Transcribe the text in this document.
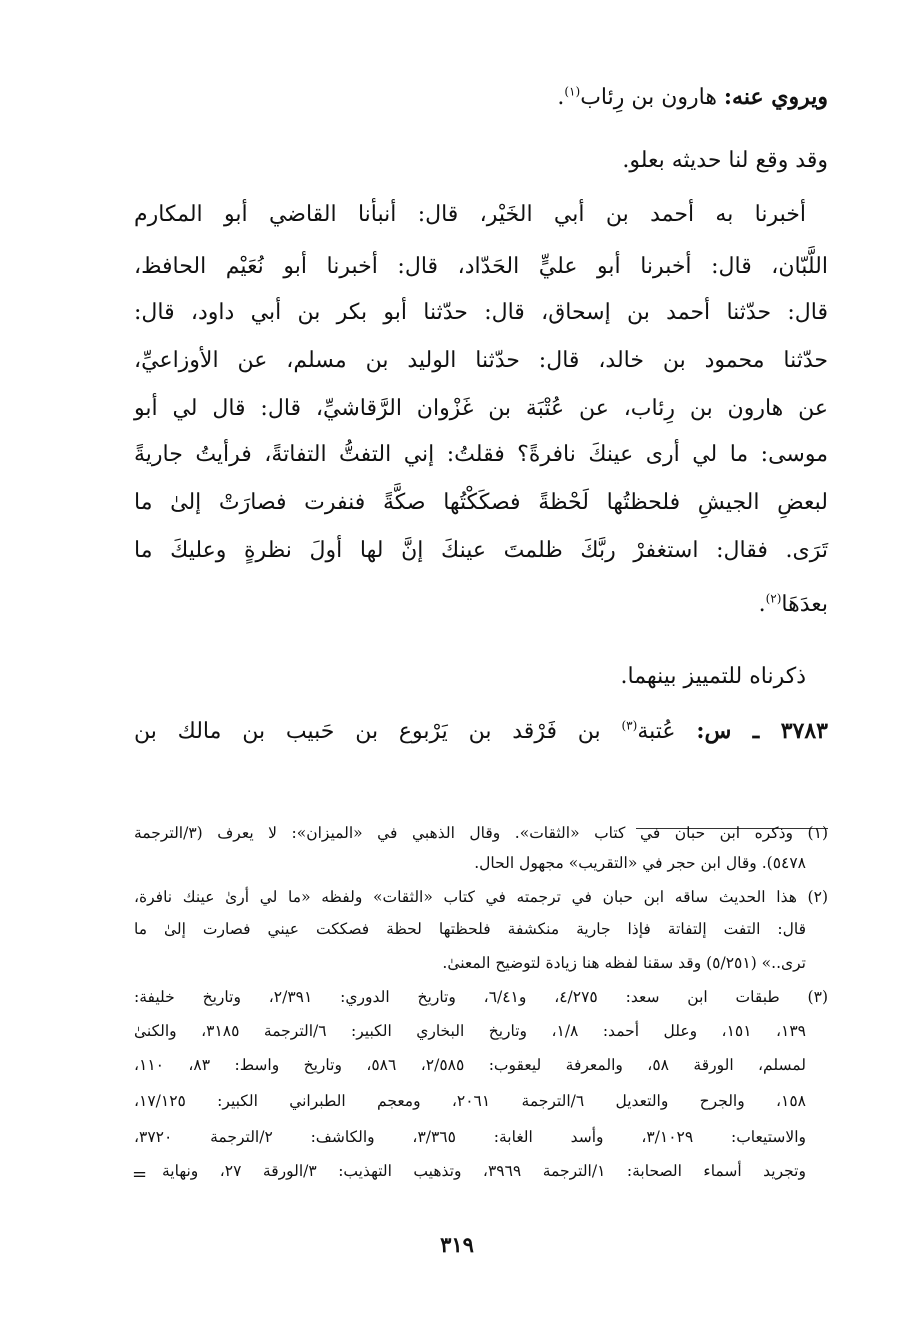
ويروي عنه: هارون بن رِئاب$^{(١)}$.
وقد وقع لنا حديثه بعلو.
أخبرنا به أحمد بن أبي الخَيْر، قال: أنبأنا القاضي أبو المكارم
اللَّبّان، قال: أخبرنا أبو عليٍّ الحَدّاد، قال: أخبرنا أبو نُعَيْم الحافظ،
قال: حدّثنا أحمد بن إسحاق، قال: حدّثنا أبو بكر بن أبي داود، قال:
حدّثنا محمود بن خالد، قال: حدّثنا الوليد بن مسلم، عن الأوزاعيِّ،
عن هارون بن رِئاب، عن عُتْبَة بن غَزْوان الرَّقاشيِّ، قال: قال لي أبو
موسى: ما لي أرى عينكَ نافرةً؟ فقلتُ: إني التفتُّ التفاتةً، فرأيتُ جاريةً
لبعضِ الجيشِ فلحظتُها لَحْظةً فصكَكْتُها صكَّةً فنفرت فصارَتْ إلىٰ ما
تَرَى. فقال: استغفرْ ربَّكَ ظلمتَ عينكَ إنَّ لها أولَ نظرةٍ وعليكَ ما
بعدَهَا$^{(٢)}$.
ذكرناه للتمييز بينهما.
٣٧٨٣ ـ س: عُتبة$^{(٣)}$ بن فَرْقد بن يَرْبوع بن حَبيب بن مالك بن
(١) وذكره ابن حبان في كتاب «الثقات». وقال الذهبي في «الميزان»: لا يعرف (٣/الترجمة
٥٤٧٨). وقال ابن حجر في «التقريب» مجهول الحال.
(٢) هذا الحديث ساقه ابن حبان في ترجمته في كتاب «الثقات» ولفظه «ما لي أرىٰ عينك نافرة،
قال: التفت إلتفاتة فإذا جارية منكشفة فلحظتها لحظة فصككت عيني فصارت إلىٰ ما
ترى..» (٥/٢٥١) وقد سقنا لفظه هنا زيادة لتوضيح المعنىٰ.
(٣) طبقات ابن سعد: ٤/٢٧٥، و٦/٤١، وتاريخ الدوري: ٢/٣٩١، وتاريخ خليفة:
١٣٩، ١٥١، وعلل أحمد: ١/٨، وتاريخ البخاري الكبير: ٦/الترجمة ٣١٨٥، والكنىٰ
لمسلم، الورقة ٥٨، والمعرفة ليعقوب: ٢/٥٨٥، ٥٨٦، وتاريخ واسط: ٨٣، ١١٠،
١٥٨، والجرح والتعديل ٦/الترجمة ٢٠٦١، ومعجم الطبراني الكبير: ١٧/١٢٥،
والاستيعاب: ٣/١٠٢٩، وأسد الغابة: ٣/٣٦٥، والكاشف: ٢/الترجمة ٣٧٢٠،
وتجريد أسماء الصحابة: ١/الترجمة ٣٩٦٩، وتذهيب التهذيب: ٣/الورقة ٢٧، ونهاية
=
٣١٩
